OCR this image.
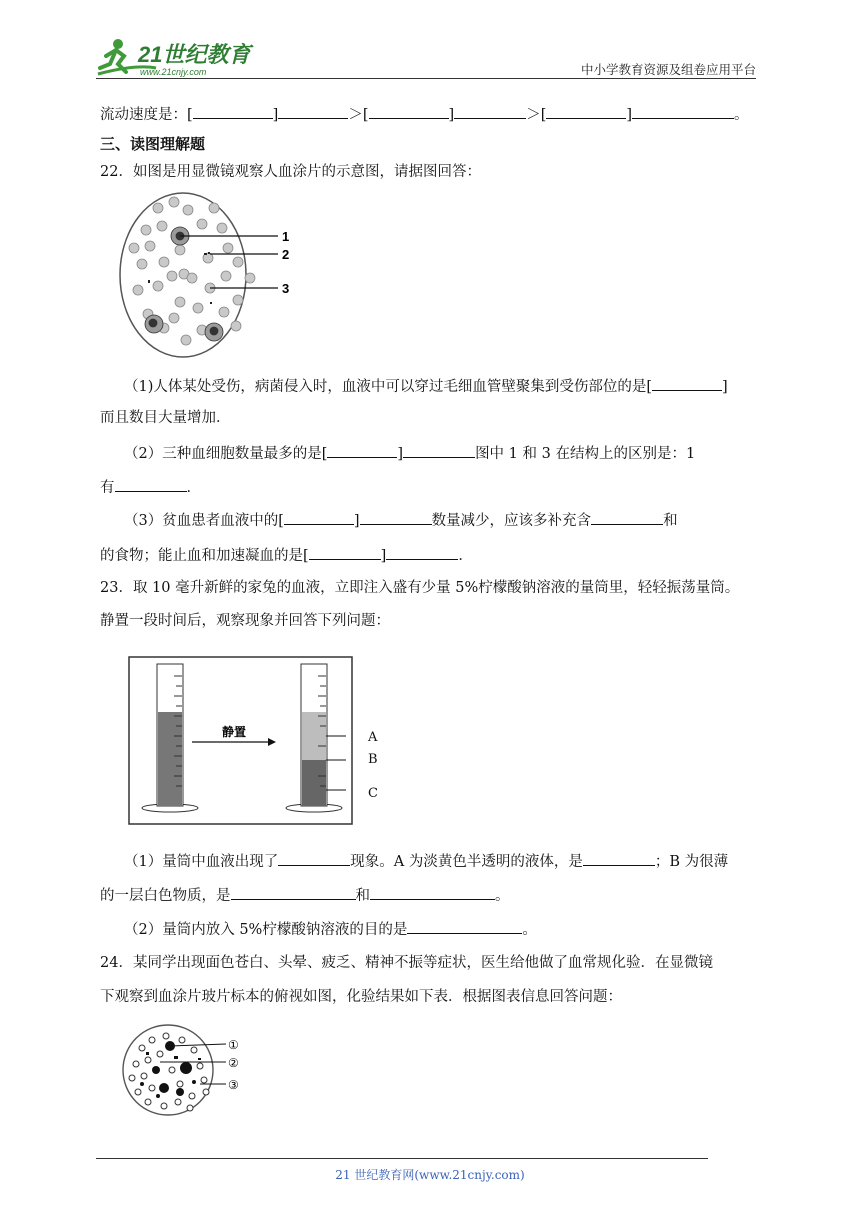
21世纪教育
www.21cnjy.com	中小学教育资源及组卷应用平台
流动速度是：[	]	＞[	]	＞[	]	。
三、读图理解题
22．如图是用显微镜观察人血涂片的示意图，请据图回答：
1
2
3
（1)人体某处受伤，病菌侵入时，血液中可以穿过毛细血管壁聚集到受伤部位的是[	]
而且数目大量增加．
（2）三种血细胞数量最多的是[	]	图中 1 和 3 在结构上的区别是：1
有	．
（3）贫血患者血液中的[	]	数量减少，应该多补充含	和
的食物；能止血和加速凝血的是[	]	．
23．取 10 毫升新鲜的家兔的血液，立即注入盛有少量 5%柠檬酸钠溶液的量筒里，轻轻振荡量筒。
静置一段时间后，观察现象并回答下列问题：
静置	A
B
C
（1）量筒中血液出现了	现象。A 为淡黄色半透明的液体，是	；B 为很薄
的一层白色物质，是	和	。
（2）量筒内放入 5%柠檬酸钠溶液的目的是	。
24．某同学出现面色苍白、头晕、疲乏、精神不振等症状，医生给他做了血常规化验．在显微镜
下观察到血涂片玻片标本的俯视如图，化验结果如下表．根据图表信息回答问题：
①
②
③
21 世纪教育网(www.21cnjy.com)
